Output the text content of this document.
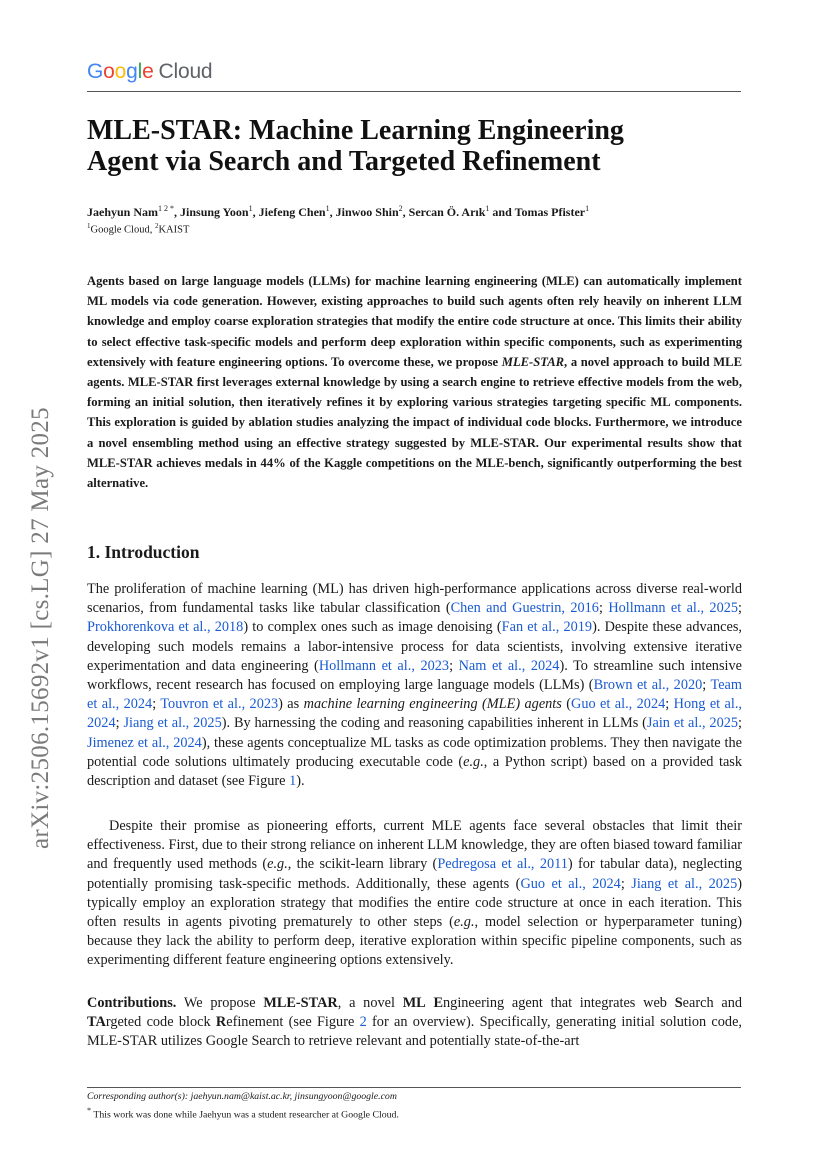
Google Cloud
arXiv:2506.15692v1 [cs.LG] 27 May 2025
MLE-STAR: Machine Learning Engineering
Agent via Search and Targeted Refinement
Jaehyun Nam$^{1 2 *}$, Jinsung Yoon$^1$, Jiefeng Chen$^1$, Jinwoo Shin$^2$, Sercan Ö. Arık$^1$ and Tomas Pfister$^1$
$^1$Google Cloud, $^2$KAIST
Agents based on large language models (LLMs) for machine learning engineering (MLE) can automatically implement ML models via code generation. However, existing approaches to build such agents often rely heavily on inherent LLM knowledge and employ coarse exploration strategies that modify the entire code structure at once. This limits their ability to select effective task-specific models and perform deep exploration within specific components, such as experimenting extensively with feature engineering options. To overcome these, we propose MLE-STAR, a novel approach to build MLE agents. MLE-STAR first leverages external knowledge by using a search engine to retrieve effective models from the web, forming an initial solution, then iteratively refines it by exploring various strategies targeting specific ML components. This exploration is guided by ablation studies analyzing the impact of individual code blocks. Furthermore, we introduce a novel ensembling method using an effective strategy suggested by MLE-STAR. Our experimental results show that MLE-STAR achieves medals in 44% of the Kaggle competitions on the MLE-bench, significantly outperforming the best alternative.
1. Introduction
The proliferation of machine learning (ML) has driven high-performance applications across diverse real-world scenarios, from fundamental tasks like tabular classification (Chen and Guestrin, 2016; Hollmann et al., 2025; Prokhorenkova et al., 2018) to complex ones such as image denoising (Fan et al., 2019). Despite these advances, developing such models remains a labor-intensive process for data scientists, involving extensive iterative experimentation and data engineering (Hollmann et al., 2023; Nam et al., 2024). To streamline such intensive workflows, recent research has focused on employing large language models (LLMs) (Brown et al., 2020; Team et al., 2024; Touvron et al., 2023) as machine learning engineering (MLE) agents (Guo et al., 2024; Hong et al., 2024; Jiang et al., 2025). By harnessing the coding and reasoning capabilities inherent in LLMs (Jain et al., 2025; Jimenez et al., 2024), these agents conceptualize ML tasks as code optimization problems. They then navigate the potential code solutions ultimately producing executable code (e.g., a Python script) based on a provided task description and dataset (see Figure 1).
Despite their promise as pioneering efforts, current MLE agents face several obstacles that limit their effectiveness. First, due to their strong reliance on inherent LLM knowledge, they are often biased toward familiar and frequently used methods (e.g., the scikit-learn library (Pedregosa et al., 2011) for tabular data), neglecting potentially promising task-specific methods. Additionally, these agents (Guo et al., 2024; Jiang et al., 2025) typically employ an exploration strategy that modifies the entire code structure at once in each iteration. This often results in agents pivoting prematurely to other steps (e.g., model selection or hyperparameter tuning) because they lack the ability to perform deep, iterative exploration within specific pipeline components, such as experimenting different feature engineering options extensively.
Contributions. We propose MLE-STAR, a novel ML Engineering agent that integrates web Search and TArgeted code block Refinement (see Figure 2 for an overview). Specifically, generating initial solution code, MLE-STAR utilizes Google Search to retrieve relevant and potentially state-of-the-art
Corresponding author(s): jaehyun.nam@kaist.ac.kr, jinsungyoon@google.com
* This work was done while Jaehyun was a student researcher at Google Cloud.
